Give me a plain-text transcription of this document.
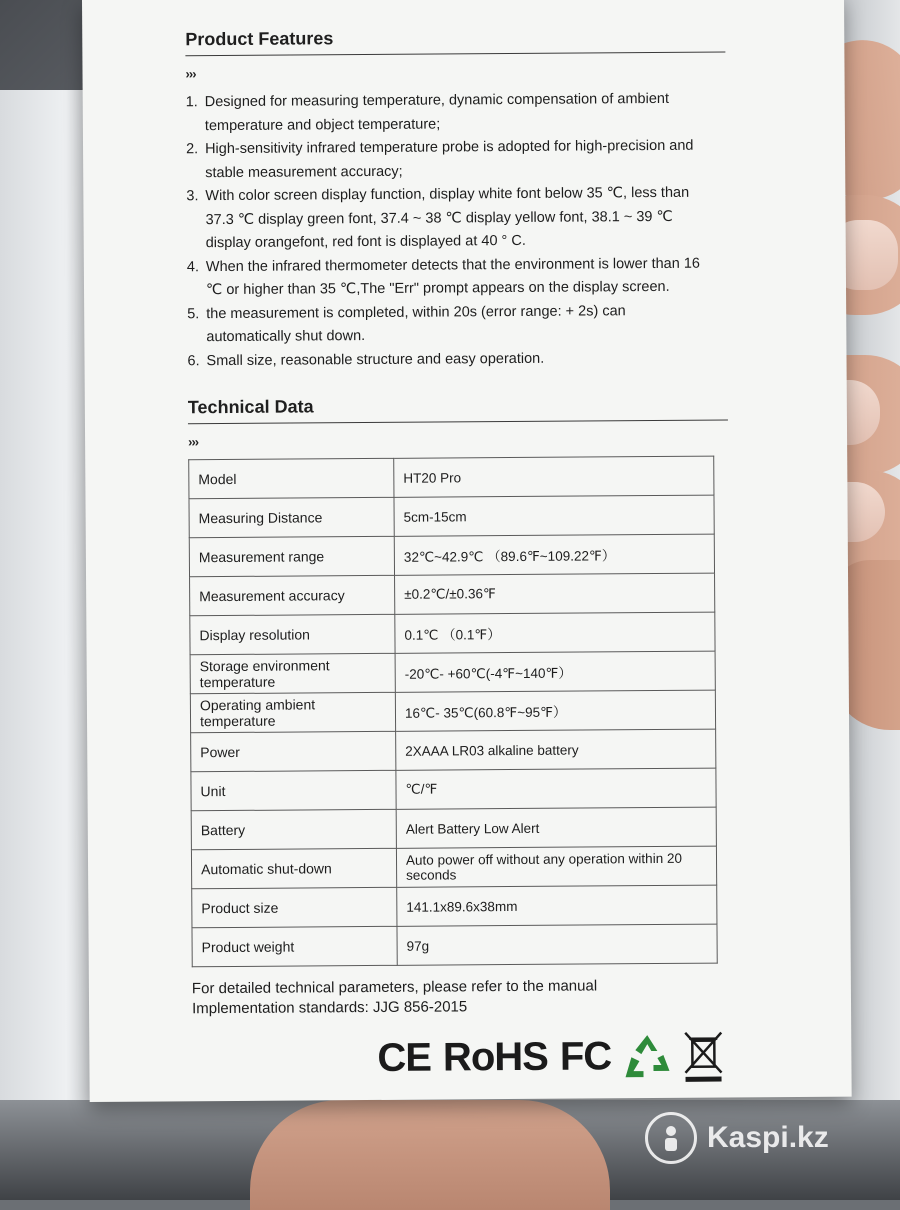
Product Features
›››
1. Designed for measuring temperature, dynamic compensation of ambient temperature and object temperature;
2. High-sensitivity infrared temperature probe is adopted for high-precision and stable measurement accuracy;
3. With color screen display function, display white font below 35 ℃, less than 37.3 ℃ display green font, 37.4 ~ 38 ℃ display yellow font, 38.1 ~ 39 ℃ display orangefont, red font is displayed at 40 ° C.
4. When the infrared thermometer detects that the environment is lower than 16 ℃ or higher than 35 ℃,The "Err" prompt appears on the display screen.
5. the measurement is completed, within 20s (error range: + 2s) can automatically shut down.
6. Small size, reasonable structure and easy operation.
Technical Data
›››
Model	HT20 Pro
Measuring Distance	5cm-15cm
Measurement range	32℃~42.9℃ （89.6℉~109.22℉）
Measurement accuracy	±0.2℃/±0.36℉
Display resolution	0.1℃ （0.1℉）
Storage environment temperature	-20℃- +60℃(-4℉~140℉）
Operating ambient temperature	16℃- 35℃(60.8℉~95℉）
Power	2XAAA LR03 alkaline battery
Unit	℃/℉
Battery	Alert Battery Low Alert
Automatic shut-down	Auto power off without any operation within 20 seconds
Product size	141.1x89.6x38mm
Product weight	97g
For detailed technical parameters, please refer to the manual
Implementation standards: JJG 856-2015
CE RoHS FC
Kaspi.kz
